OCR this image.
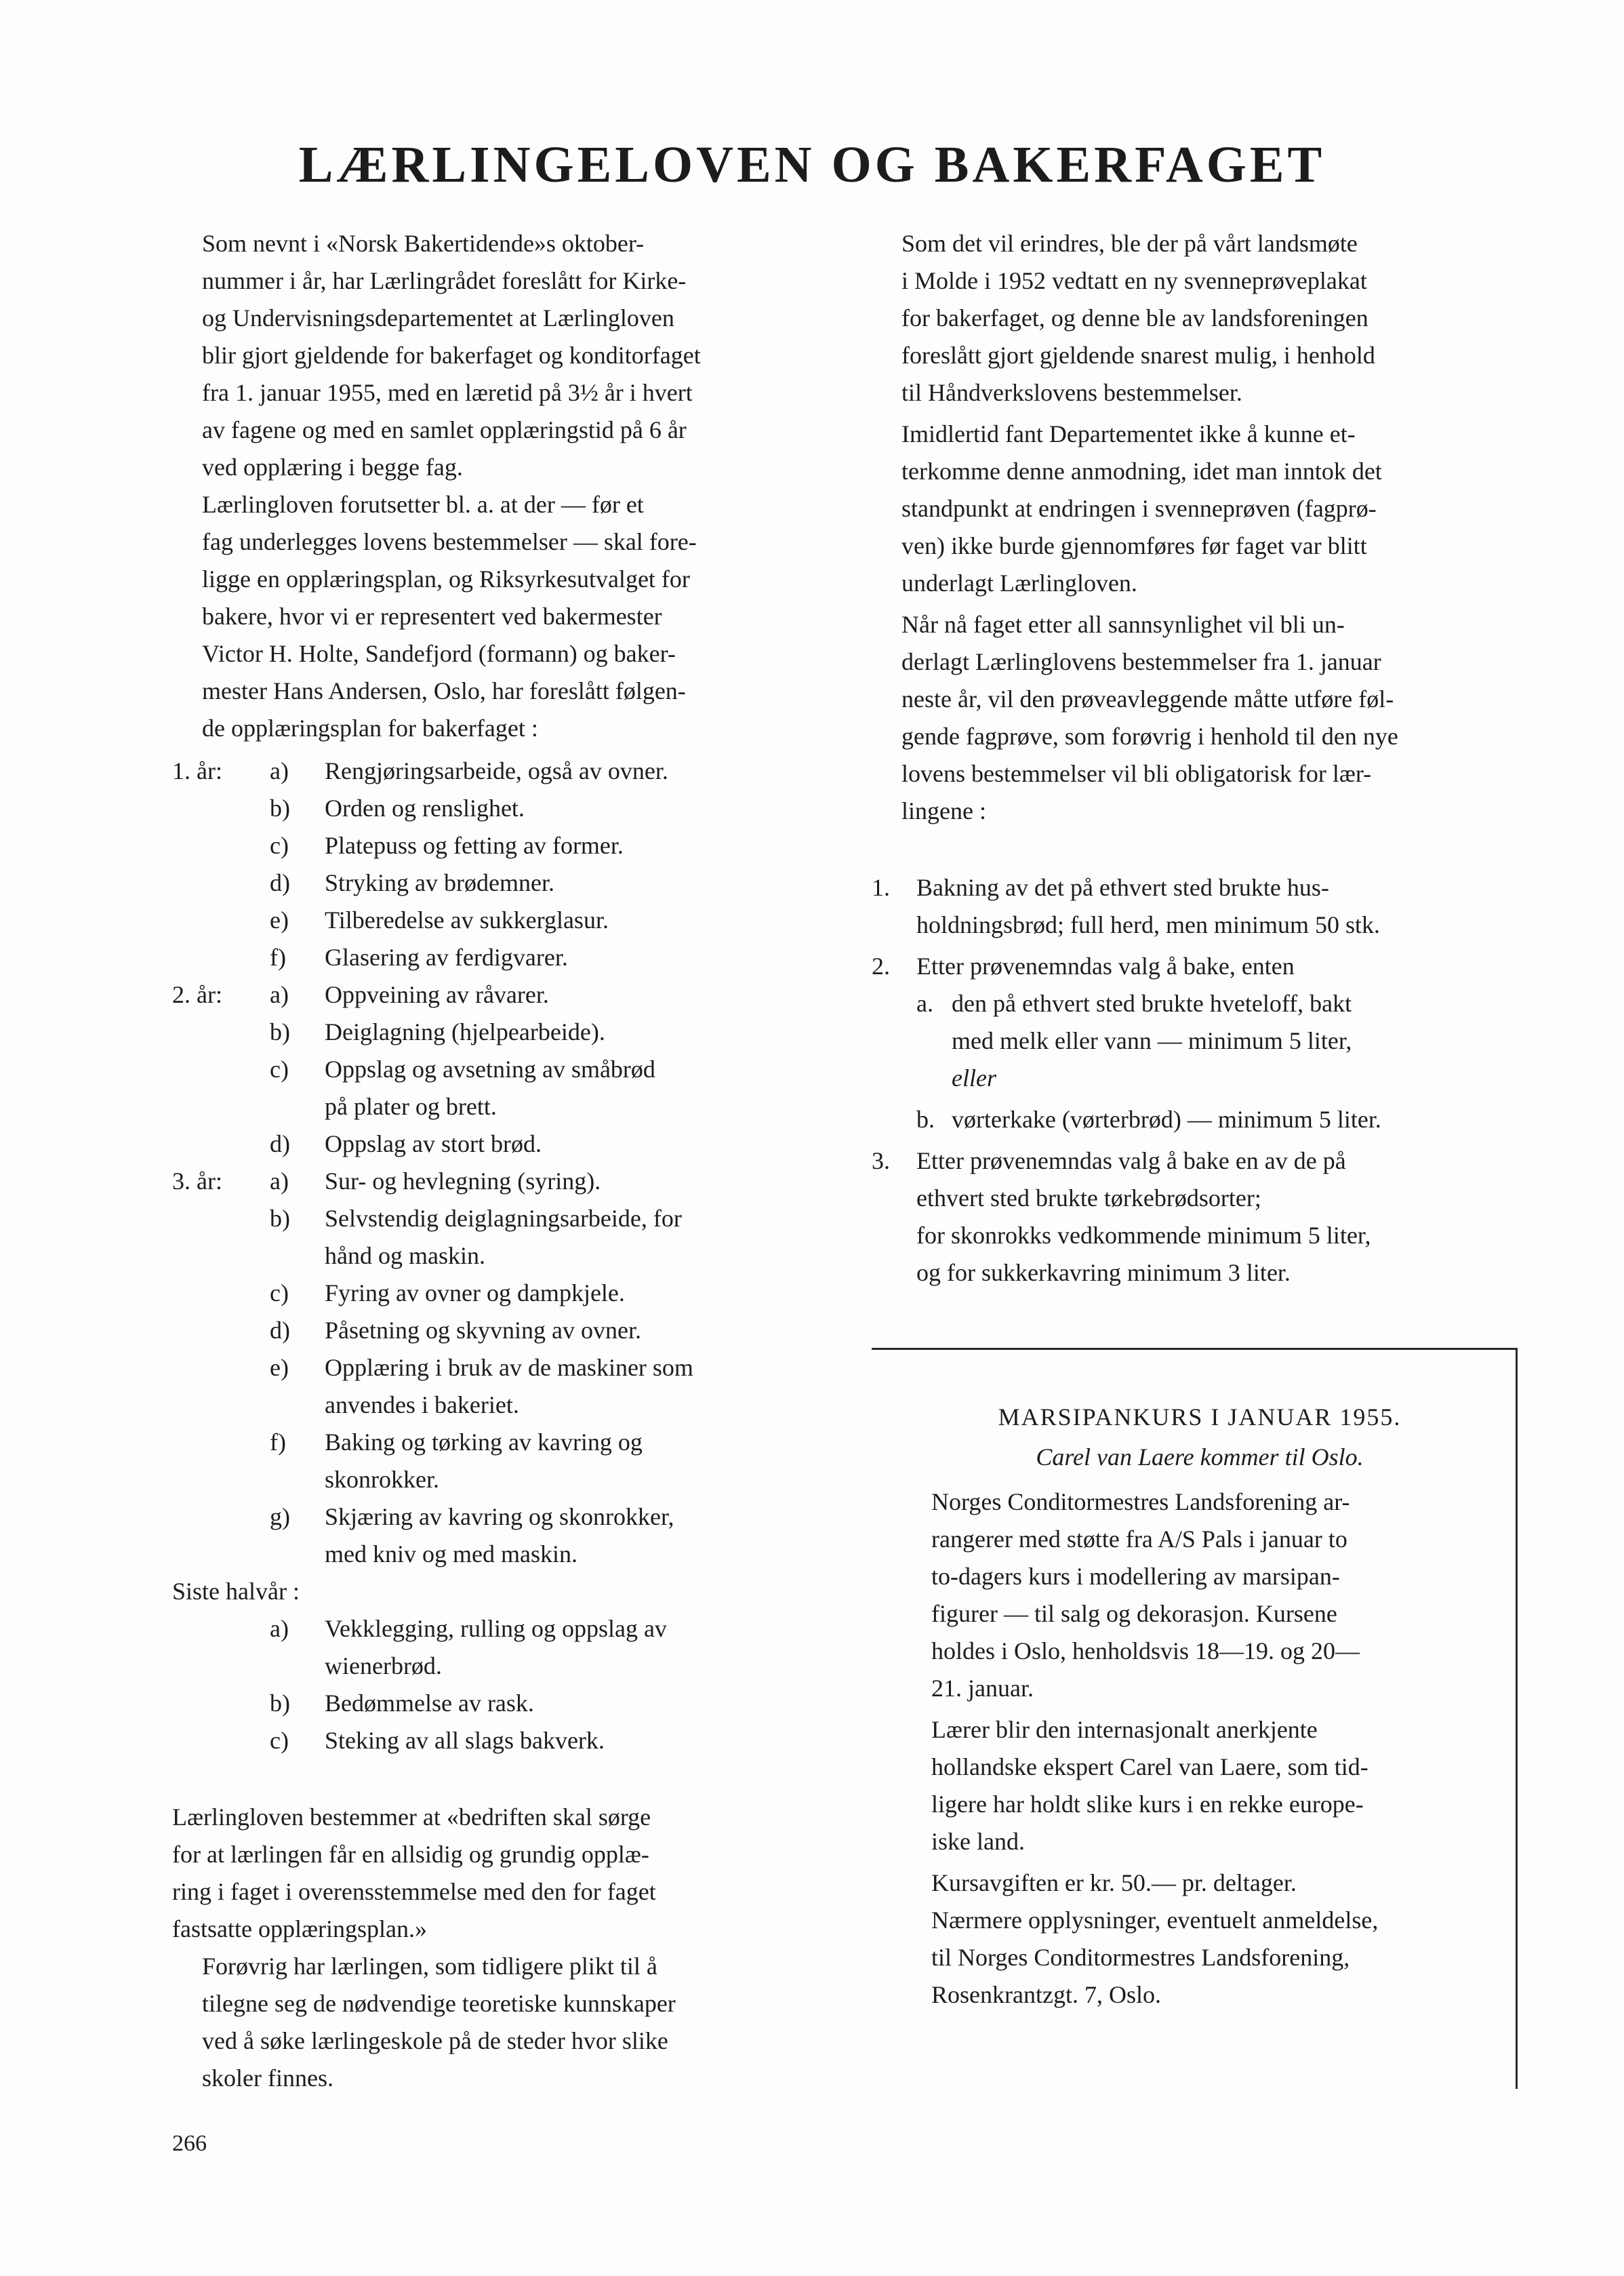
LÆRLINGELOVEN OG BAKERFAGET

Som nevnt i «Norsk Bakertidende»s oktober-
nummer i år, har Lærlingrådet foreslått for Kirke-
og Undervisningsdepartementet at Lærlingloven
blir gjort gjeldende for bakerfaget og konditorfaget
fra 1. januar 1955, med en læretid på 3½ år i hvert
av fagene og med en samlet opplæringstid på 6 år
ved opplæring i begge fag.

Lærlingloven forutsetter bl. a. at der — før et
fag underlegges lovens bestemmelser — skal fore-
ligge en opplæringsplan, og Riksyrkesutvalget for
bakere, hvor vi er representert ved bakermester
Victor H. Holte, Sandefjord (formann) og baker-
mester Hans Andersen, Oslo, har foreslått følgen-
de opplæringsplan for bakerfaget :

1. år: a) Rengjøringsarbeide, også av ovner.
b) Orden og renslighet.
c) Platepuss og fetting av former.
d) Stryking av brødemner.
e) Tilberedelse av sukkerglasur.
f) Glasering av ferdigvarer.
2. år: a) Oppveining av råvarer.
b) Deiglagning (hjelpearbeide).
c) Oppslag og avsetning av småbrød
på plater og brett.
d) Oppslag av stort brød.
3. år: a) Sur- og hevlegning (syring).
b) Selvstendig deiglagningsarbeide, for
hånd og maskin.
c) Fyring av ovner og dampkjele.
d) Påsetning og skyvning av ovner.
e) Opplæring i bruk av de maskiner som
anvendes i bakeriet.
f) Baking og tørking av kavring og
skonrokker.
g) Skjæring av kavring og skonrokker,
med kniv og med maskin.
Siste halvår :
a) Vekklegging, rulling og oppslag av
wienerbrød.
b) Bedømmelse av rask.
c) Steking av all slags bakverk.

Lærlingloven bestemmer at «bedriften skal sørge
for at lærlingen får en allsidig og grundig opplæ-
ring i faget i overensstemmelse med den for faget
fastsatte opplæringsplan.»

Forøvrig har lærlingen, som tidligere plikt til å
tilegne seg de nødvendige teoretiske kunnskaper
ved å søke lærlingeskole på de steder hvor slike
skoler finnes.

Som det vil erindres, ble der på vårt landsmøte
i Molde i 1952 vedtatt en ny svenneprøveplakat
for bakerfaget, og denne ble av landsforeningen
foreslått gjort gjeldende snarest mulig, i henhold
til Håndverkslovens bestemmelser.

Imidlertid fant Departementet ikke å kunne et-
terkomme denne anmodning, idet man inntok det
standpunkt at endringen i svenneprøven (fagprø-
ven) ikke burde gjennomføres før faget var blitt
underlagt Lærlingloven.

Når nå faget etter all sannsynlighet vil bli un-
derlagt Lærlinglovens bestemmelser fra 1. januar
neste år, vil den prøveavleggende måtte utføre føl-
gende fagprøve, som forøvrig i henhold til den nye
lovens bestemmelser vil bli obligatorisk for lær-
lingene :

1. Bakning av det på ethvert sted brukte hus-
holdningsbrød; full herd, men minimum 50 stk.
2. Etter prøvenemndas valg å bake, enten
a. den på ethvert sted brukte hveteloff, bakt
med melk eller vann — minimum 5 liter,
eller
b. vørterkake (vørterbrød) — minimum 5 liter.
3. Etter prøvenemndas valg å bake en av de på
ethvert sted brukte tørkebrødsorter;
for skonrokks vedkommende minimum 5 liter,
og for sukkerkavring minimum 3 liter.
MARSIPANKURS I JANUAR 1955.
Carel van Laere kommer til Oslo.

Norges Conditormestres Landsforening ar-
rangerer med støtte fra A/S Pals i januar to
to-dagers kurs i modellering av marsipan-
figurer — til salg og dekorasjon. Kursene
holdes i Oslo, henholdsvis 18—19. og 20—
21. januar.

Lærer blir den internasjonalt anerkjente
hollandske ekspert Carel van Laere, som tid-
ligere har holdt slike kurs i en rekke europe-
iske land.

Kursavgiften er kr. 50.— pr. deltager.
Nærmere opplysninger, eventuelt anmeldelse,
til Norges Conditormestres Landsforening,
Rosenkrantzgt. 7, Oslo.

266
